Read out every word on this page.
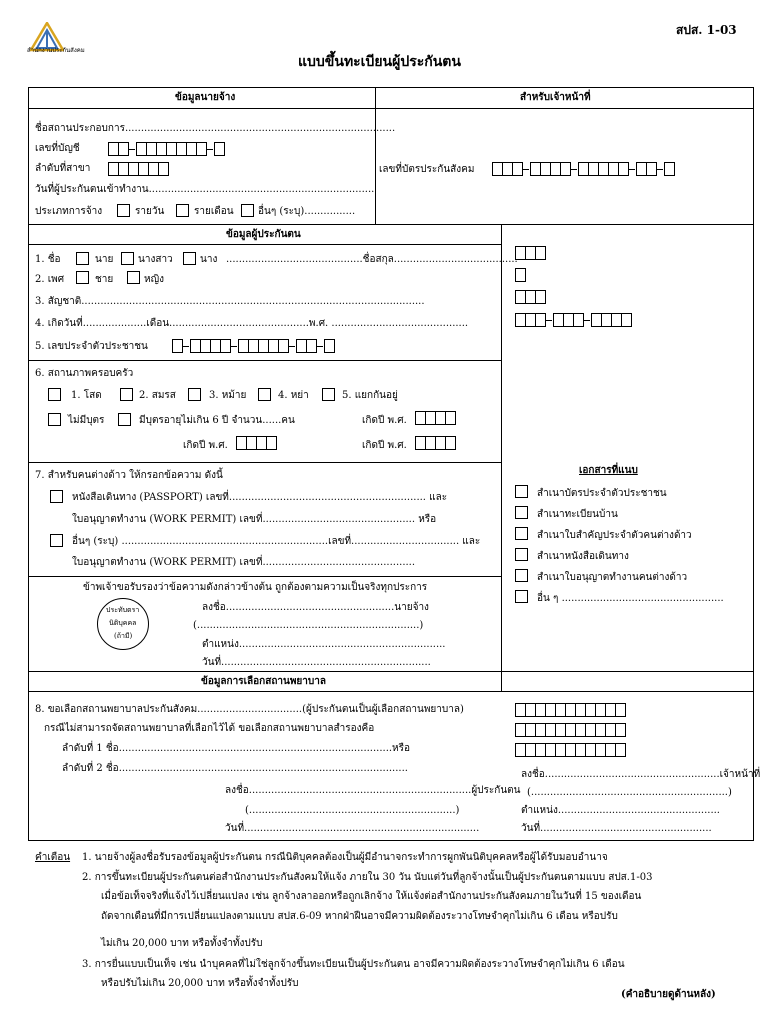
สำนักงานประกันสังคม
สปส. 1-03
แบบขึ้นทะเบียนผู้ประกันตน
ข้อมูลนายจ้าง	สำหรับเจ้าหน้าที่
ชื่อสถานประกอบการ.....................................................................................
เลขที่บัญชี
ลำดับที่สาขา
วันที่ผู้ประกันตนเข้าทำงาน.......................................................................
ประเภทการจ้าง	รายวัน	รายเดือน อื่นๆ (ระบุ)................
เลขที่บัตรประกันสังคม
ข้อมูลผู้ประกันตน
1. ชื่อ	นาย นางสาว	นาง ...........................................ชื่อสกุล.......................................
2. เพศ	ชาย	หญิง
3. สัญชาติ............................................................................................................
4. เกิดวันที่....................เดือน............................................พ.ศ. ...........................................
5. เลขประจำตัวประชาชน
6. สถานภาพครอบครัว
1. โสด	2. สมรส	3. หม้าย	4. หย่า	5. แยกกันอยู่
ไม่มีบุตร	มีบุตรอายุไม่เกิน 6 ปี จำนวน......คน	เกิดปี พ.ศ.
เกิดปี พ.ศ.	เกิดปี พ.ศ.
7. สำหรับคนต่างด้าว ให้กรอกข้อความ ดังนี้
หนังสือเดินทาง (PASSPORT) เลขที่.............................................................. และ
ใบอนุญาตทำงาน (WORK PERMIT) เลขที่................................................ หรือ
อื่นๆ (ระบุ) .................................................................เลขที่.................................. และ
ใบอนุญาตทำงาน (WORK PERMIT) เลขที่................................................
ข้าพเจ้าขอรับรองว่าข้อความดังกล่าวข้างต้น ถูกต้องตามความเป็นจริงทุกประการ
ประทับตรา
นิติบุคคล
(ถ้ามี)
ลงชื่อ.....................................................นายจ้าง
(......................................................................)
ตำแหน่ง.................................................................
วันที่..................................................................
เอกสารที่แนบ
สำเนาบัตรประจำตัวประชาชน
สำเนาทะเบียนบ้าน
สำเนาใบสำคัญประจำตัวคนต่างด้าว
สำเนาหนังสือเดินทาง
สำเนาใบอนุญาตทำงานคนต่างด้าว
อื่น ๆ ...................................................
ข้อมูลการเลือกสถานพยาบาล
8. ขอเลือกสถานพยาบาลประกันสังคม.................................(ผู้ประกันตนเป็นผู้เลือกสถานพยาบาล)
กรณีไม่สามารถจัดสถานพยาบาลที่เลือกไว้ได้ ขอเลือกสถานพยาบาลสำรองคือ
ลำดับที่ 1 ชื่อ......................................................................................หรือ
ลำดับที่ 2 ชื่อ...........................................................................................
ลงชื่อ......................................................................ผู้ประกันตน
(.................................................................)
วันที่..........................................................................
ลงชื่อ.......................................................เจ้าหน้าที่
(..............................................................)
ตำแหน่ง...................................................
วันที่......................................................
คำเตือน 1. นายจ้างผู้ลงชื่อรับรองข้อมูลผู้ประกันตน กรณีนิติบุคคลต้องเป็นผู้มีอำนาจกระทำการผูกพันนิติบุคคลหรือผู้ได้รับมอบอำนาจ
2. การขึ้นทะเบียนผู้ประกันตนต่อสำนักงานประกันสังคมให้แจ้ง ภายใน 30 วัน นับแต่วันที่ลูกจ้างนั้นเป็นผู้ประกันตนตามแบบ สปส.1-03
เมื่อข้อเท็จจริงที่แจ้งไว้เปลี่ยนแปลง เช่น ลูกจ้างลาออกหรือถูกเลิกจ้าง ให้แจ้งต่อสำนักงานประกันสังคมภายในวันที่ 15 ของเดือน
ถัดจากเดือนที่มีการเปลี่ยนแปลงตามแบบ สปส.6-09 หากฝ่าฝืนอาจมีความผิดต้องระวางโทษจำคุกไม่เกิน 6 เดือน หรือปรับ
ไม่เกิน 20,000 บาท หรือทั้งจำทั้งปรับ
3. การยื่นแบบเป็นเท็จ เช่น นำบุคคลที่ไม่ใช่ลูกจ้างขึ้นทะเบียนเป็นผู้ประกันตน อาจมีความผิดต้องระวางโทษจำคุกไม่เกิน 6 เดือน
หรือปรับไม่เกิน 20,000 บาท หรือทั้งจำทั้งปรับ
(คำอธิบายดูด้านหลัง)
